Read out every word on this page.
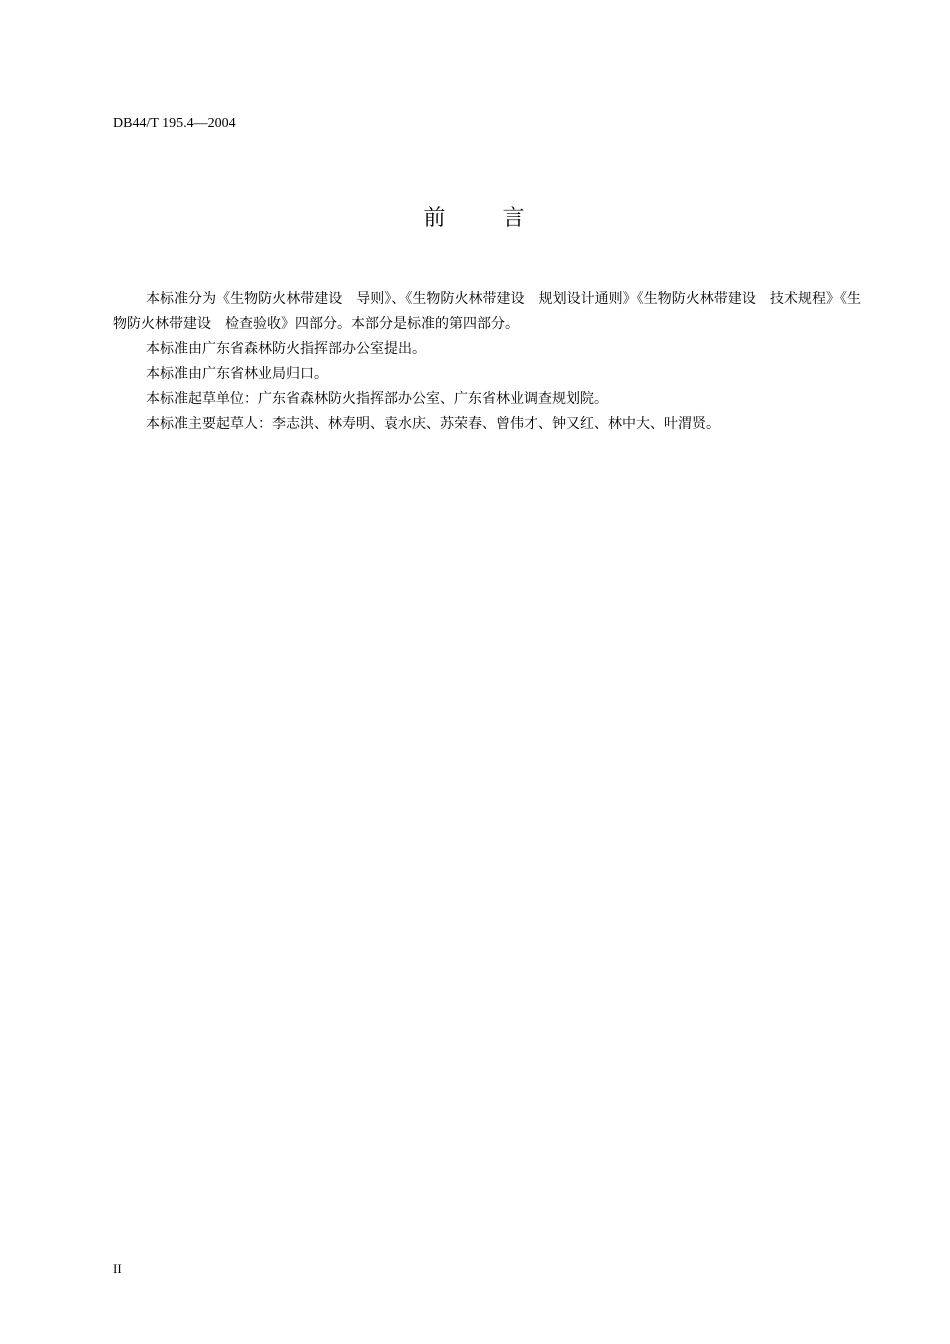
DB44/T 195.4—2004
前	言

本标准分为《生物防火林带建设　导则》、《生物防火林带建设　规划设计通则》《生物防火林带建设　技术规程》《生物防火林带建设　检查验收》四部分。本部分是标准的第四部分。

本标准由广东省森林防火指挥部办公室提出。

本标准由广东省林业局归口。

本标准起草单位：广东省森林防火指挥部办公室、广东省林业调查规划院。

本标准主要起草人：李志洪、林寿明、袁水庆、苏荣春、曾伟才、钟又红、林中大、叶渭贤。

II
